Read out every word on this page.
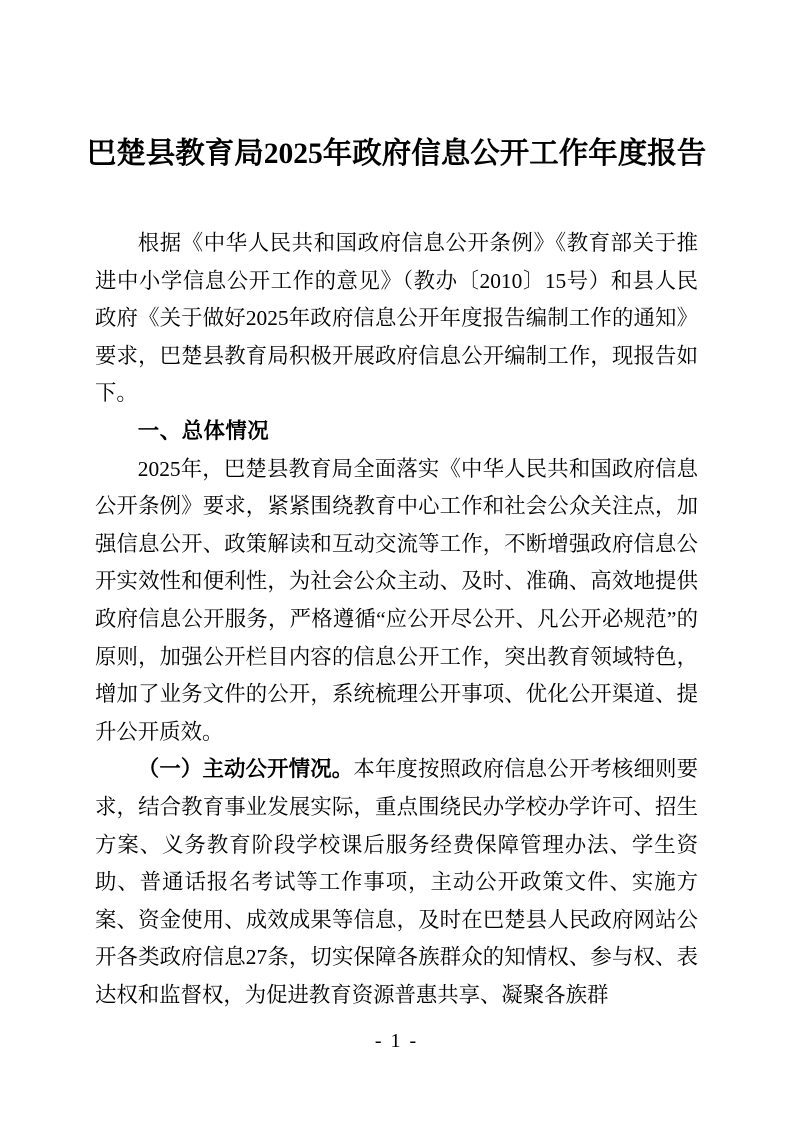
巴楚县教育局2025年政府信息公开工作年度报告

根据《中华人民共和国政府信息公开条例》《教育部关于推进中小学信息公开工作的意见》（教办〔2010〕15号）和县人民政府《关于做好2025年政府信息公开年度报告编制工作的通知》要求，巴楚县教育局积极开展政府信息公开编制工作，现报告如下。

一、总体情况

2025年，巴楚县教育局全面落实《中华人民共和国政府信息公开条例》要求，紧紧围绕教育中心工作和社会公众关注点，加强信息公开、政策解读和互动交流等工作，不断增强政府信息公开实效性和便利性，为社会公众主动、及时、准确、高效地提供政府信息公开服务，严格遵循“应公开尽公开、凡公开必规范”的原则，加强公开栏目内容的信息公开工作，突出教育领域特色，增加了业务文件的公开，系统梳理公开事项、优化公开渠道、提升公开质效。

（一）主动公开情况。本年度按照政府信息公开考核细则要求，结合教育事业发展实际，重点围绕民办学校办学许可、招生方案、义务教育阶段学校课后服务经费保障管理办法、学生资助、普通话报名考试等工作事项，主动公开政策文件、实施方案、资金使用、成效成果等信息，及时在巴楚县人民政府网站公开各类政府信息27条，切实保障各族群众的知情权、参与权、表达权和监督权，为促进教育资源普惠共享、凝聚各族群

- 1 -
